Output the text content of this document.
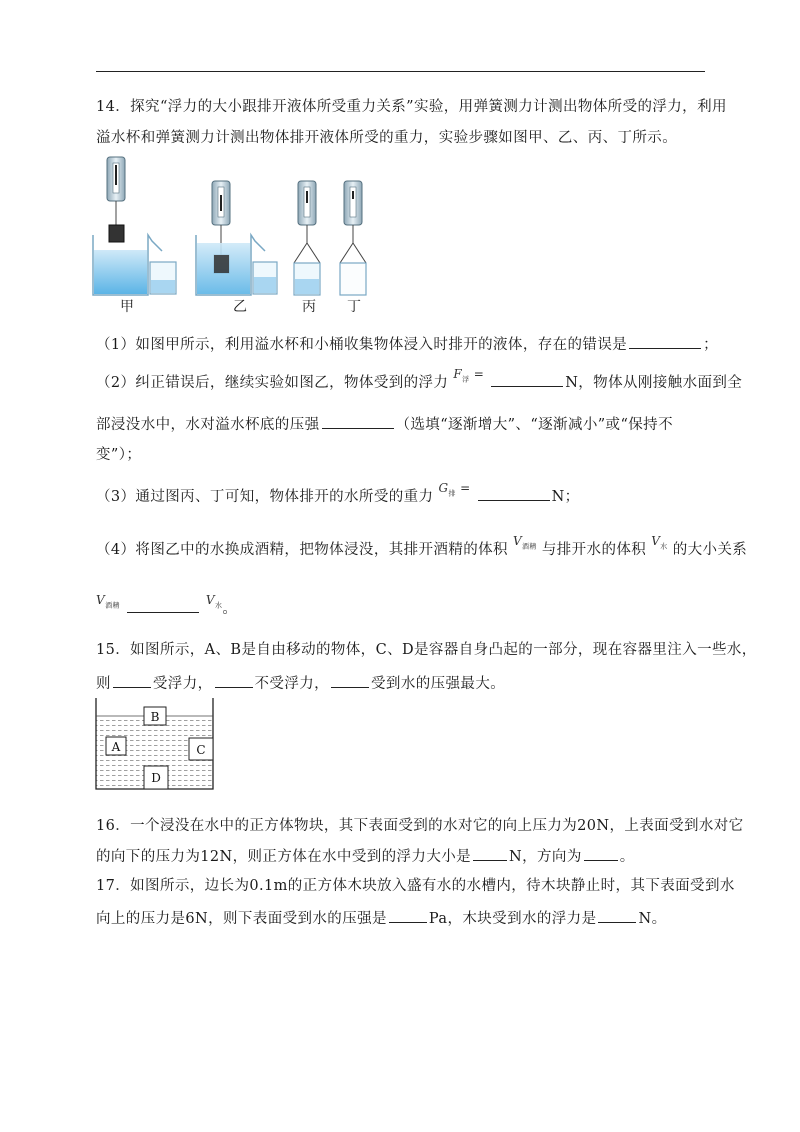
14．探究“浮力的大小跟排开液体所受重力关系”实验，用弹簧测力计测出物体所受的浮力，利用
溢水杯和弹簧测力计测出物体排开液体所受的重力，实验步骤如图甲、乙、丙、丁所示。
甲	乙	丙 丁
（1）如图甲所示，利用溢水杯和小桶收集物体浸入时排开的液体，存在的错误是	；
（2）纠正错误后，继续实验如图乙，物体受到的浮力 $^{F_浮 =}$ N，物体从刚接触水面到全
部浸没水中，水对溢水杯底的压强	（选填“逐渐增大”、“逐渐减小”或“保持不
变”）；
（3）通过图丙、丁可知，物体排开的水所受的重力 $^{G_排 =}$ N；
（4）将图乙中的水换成酒精，把物体浸没，其排开酒精的体积 $^{V_{酒精}}$ 与排开水的体积 $^{V_水}$ 的大小关系
$^{V_{酒精}}$	$^{V_水}$。
15．如图所示，A、B是自由移动的物体，C、D是容器自身凸起的一部分，现在容器里注入一些水，
则	受浮力，	不受浮力，	受到水的压强最大。
B
A	C
D
16．一个浸没在水中的正方体物块，其下表面受到的水对它的向上压力为20N，上表面受到水对它
的向下的压力为12N，则正方体在水中受到的浮力大小是	N，方向为	。
17．如图所示，边长为0.1m的正方体木块放入盛有水的水槽内，待木块静止时，其下表面受到水
向上的压力是6N，则下表面受到水的压强是	Pa，木块受到水的浮力是	N。
